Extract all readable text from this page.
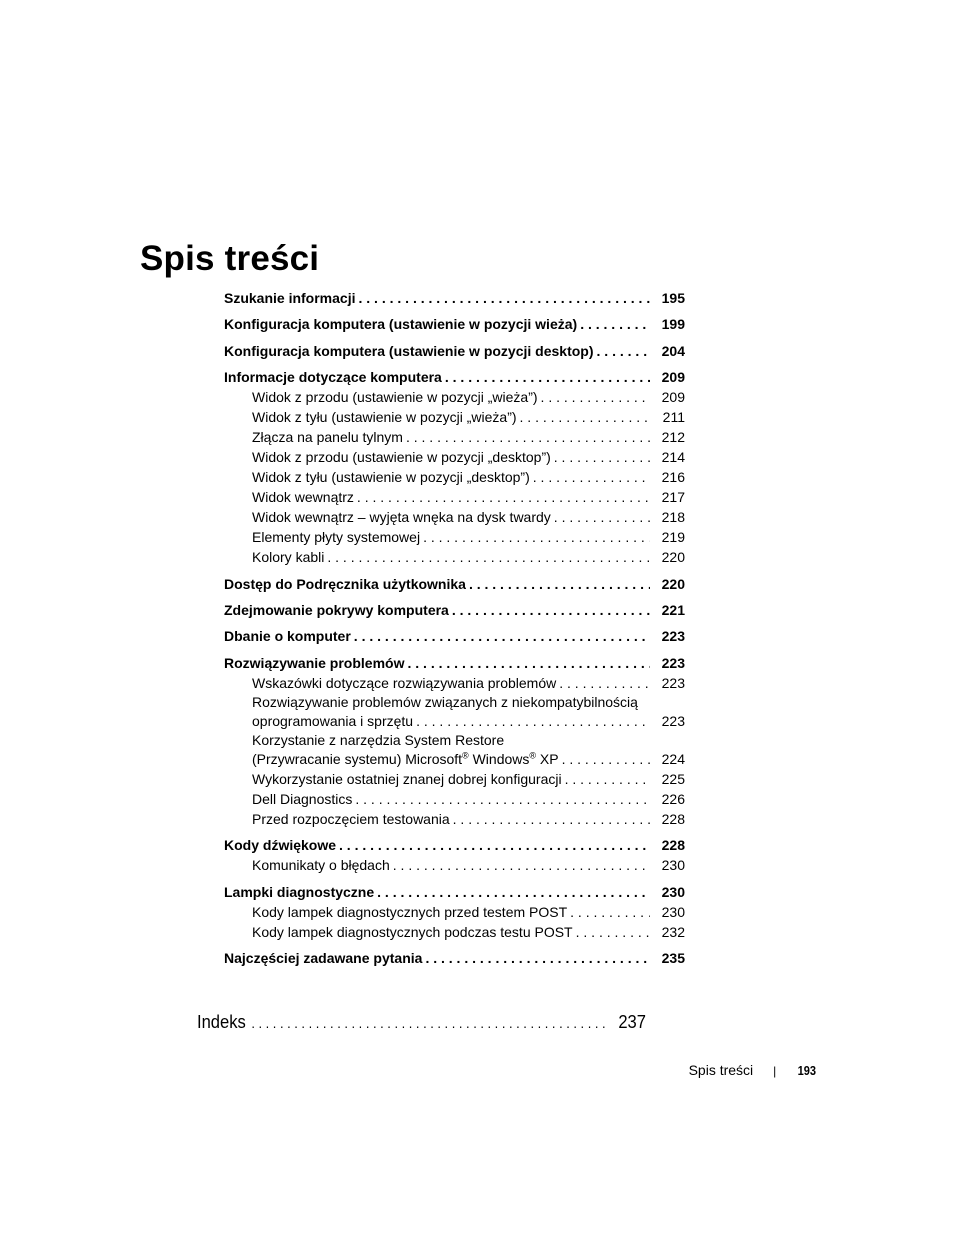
Spis treści
Szukanie informacji . . .	195
Konfiguracja komputera (ustawienie w pozycji wieża) . . .	199
Konfiguracja komputera (ustawienie w pozycji desktop) . . .	204
Informacje dotyczące komputera . . .	209
Widok z przodu (ustawienie w pozycji „wieża”) . . .	209
Widok z tyłu (ustawienie w pozycji „wieża”) . . .	211
Złącza na panelu tylnym . . .	212
Widok z przodu (ustawienie w pozycji „desktop”) . . .	214
Widok z tyłu (ustawienie w pozycji „desktop”) . . .	216
Widok wewnątrz . . .	217
Widok wewnątrz – wyjęta wnęka na dysk twardy . . .	218
Elementy płyty systemowej . . .	219
Kolory kabli . . .	220
Dostęp do Podręcznika użytkownika . . .	220
Zdejmowanie pokrywy komputera . . .	221
Dbanie o komputer . . .	223
Rozwiązywanie problemów . . .	223
Wskazówki dotyczące rozwiązywania problemów . . .	223
Rozwiązywanie problemów związanych z niekompatybilnością
oprogramowania i sprzętu . . .	223
Korzystanie z narzędzia System Restore
(Przywracanie systemu) Microsoft® Windows® XP . . .	224
Wykorzystanie ostatniej znanej dobrej konfiguracji . . .	225
Dell Diagnostics . . .	226
Przed rozpoczęciem testowania . . .	228
Kody dźwiękowe . . .	228
Komunikaty o błędach . . .	230
Lampki diagnostyczne . . .	230
Kody lampek diagnostycznych przed testem POST . . .	230
Kody lampek diagnostycznych podczas testu POST . . .	232
Najczęściej zadawane pytania . . .	235
Indeks . . .	237
Spis treści | 193
